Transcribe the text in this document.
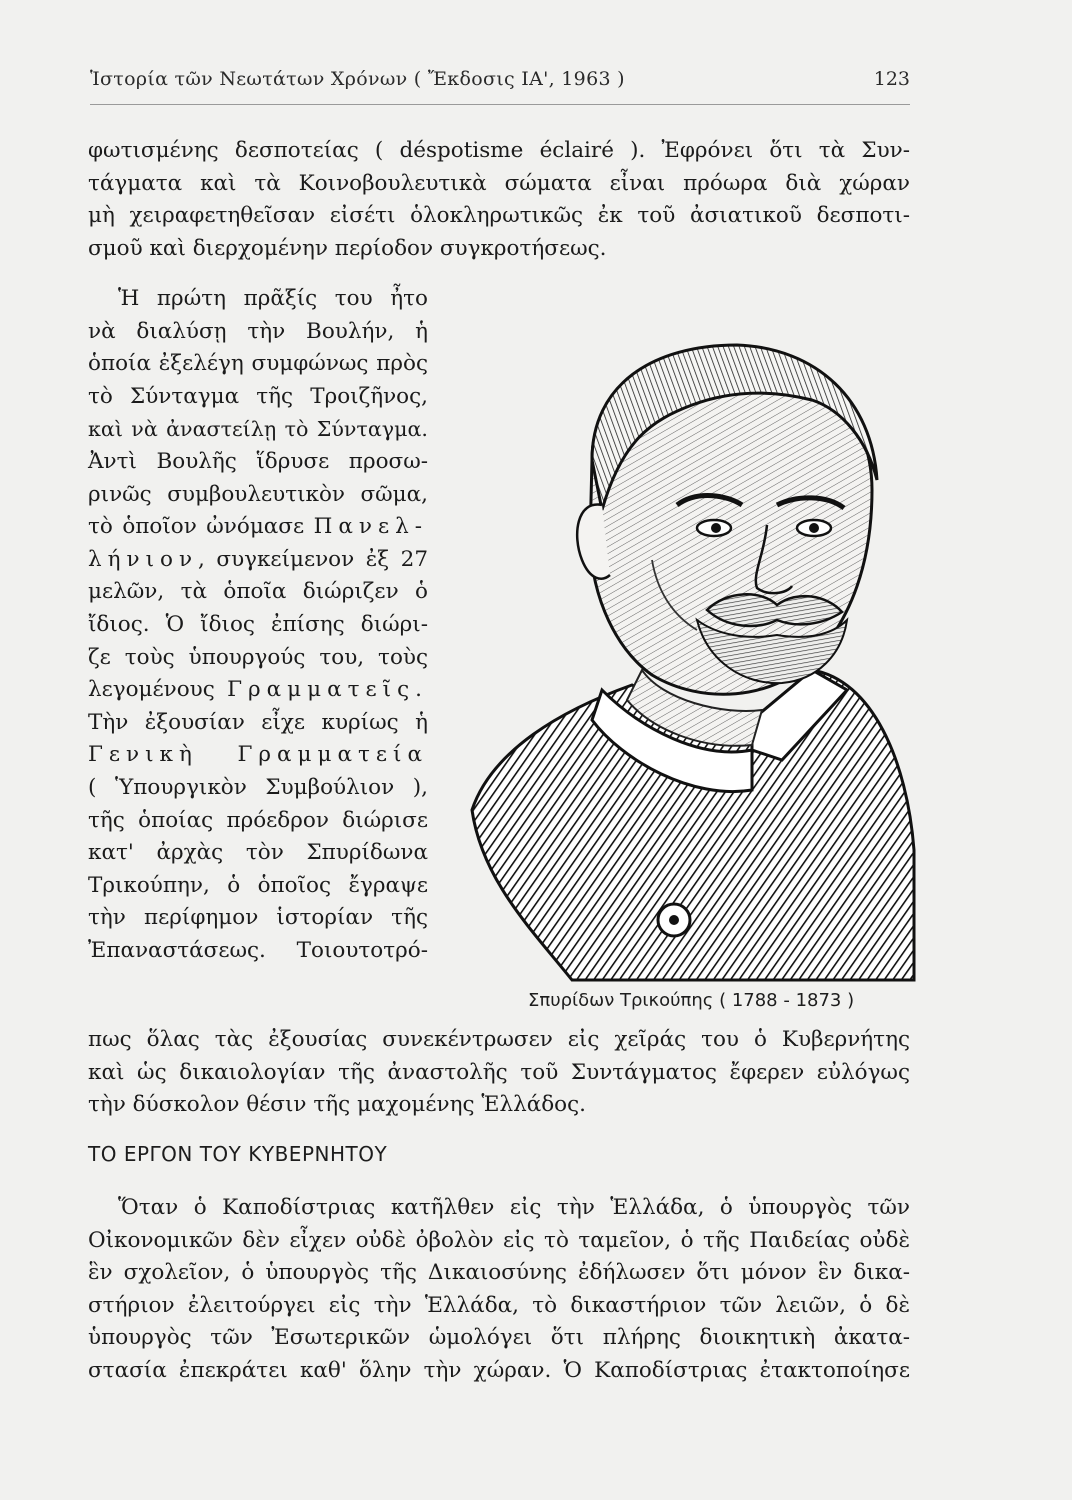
Ἱστορία τῶν Νεωτάτων Χρόνων ( Ἔκδοσις ΙΑ', 1963 )	123
φωτισμένης δεσποτείας ( déspotisme éclairé ). Ἐφρόνει ὅτι τὰ Συν-
τάγματα καὶ τὰ Κοινοβουλευτικὰ σώματα εἶναι πρόωρα διὰ χώραν
μὴ χειραφετηθεῖσαν εἰσέτι ὁλοκληρωτικῶς ἐκ τοῦ ἀσιατικοῦ δεσποτι-
σμοῦ καὶ διερχομένην περίοδον συγκροτήσεως.
Ἡ πρώτη πρᾶξίς του ἦτο
νὰ διαλύσῃ τὴν Βουλήν, ἡ
ὁποία ἐξελέγη συμφώνως πρὸς
τὸ Σύνταγμα τῆς Τροιζῆνος,
καὶ νὰ ἀναστείλῃ τὸ Σύνταγμα.
Ἀντὶ Βουλῆς ἵδρυσε προσω-
ρινῶς συμβουλευτικὸν σῶμα,
τὸ ὁποῖον ὠνόμασε Πανελ-
λήνιον, συγκείμενον ἐξ 27
μελῶν, τὰ ὁποῖα διώριζεν ὁ
ἴδιος. Ὁ ἴδιος ἐπίσης διώρι-
ζε τοὺς ὑπουργούς του, τοὺς
λεγομένους Γραμματεῖς.
Τὴν ἐξουσίαν εἶχε κυρίως ἡ
Γενικὴ Γραμματεία
( Ὑπουργικὸν Συμβούλιον ),
τῆς ὁποίας πρόεδρον διώρισε
κατ' ἀρχὰς τὸν Σπυρίδωνα
Τρικούπην, ὁ ὁποῖος ἔγραψε
τὴν περίφημον ἱστορίαν τῆς
Ἐπαναστάσεως. Τοιουτοτρό-
Σπυρίδων Τρικούπης ( 1788 - 1873 )
πως ὅλας τὰς ἐξουσίας συνεκέντρωσεν εἰς χεῖράς του ὁ Κυβερνήτης
καὶ ὡς δικαιολογίαν τῆς ἀναστολῆς τοῦ Συντάγματος ἔφερεν εὐλόγως
τὴν δύσκολον θέσιν τῆς μαχομένης Ἑλλάδος.
ΤΟ ΕΡΓΟΝ ΤΟΥ ΚΥΒΕΡΝΗΤΟΥ
Ὅταν ὁ Καποδίστριας κατῆλθεν εἰς τὴν Ἑλλάδα, ὁ ὑπουργὸς τῶν
Οἰκονομικῶν δὲν εἶχεν οὐδὲ ὀβολὸν εἰς τὸ ταμεῖον, ὁ τῆς Παιδείας οὐδὲ
ἓν σχολεῖον, ὁ ὑπουργὸς τῆς Δικαιοσύνης ἐδήλωσεν ὅτι μόνον ἓν δικα-
στήριον ἐλειτούργει εἰς τὴν Ἑλλάδα, τὸ δικαστήριον τῶν λειῶν, ὁ δὲ
ὑπουργὸς τῶν Ἐσωτερικῶν ὡμολόγει ὅτι πλήρης διοικητικὴ ἀκατα-
στασία ἐπεκράτει καθ' ὅλην τὴν χώραν. Ὁ Καποδίστριας ἐτακτοποίησε
